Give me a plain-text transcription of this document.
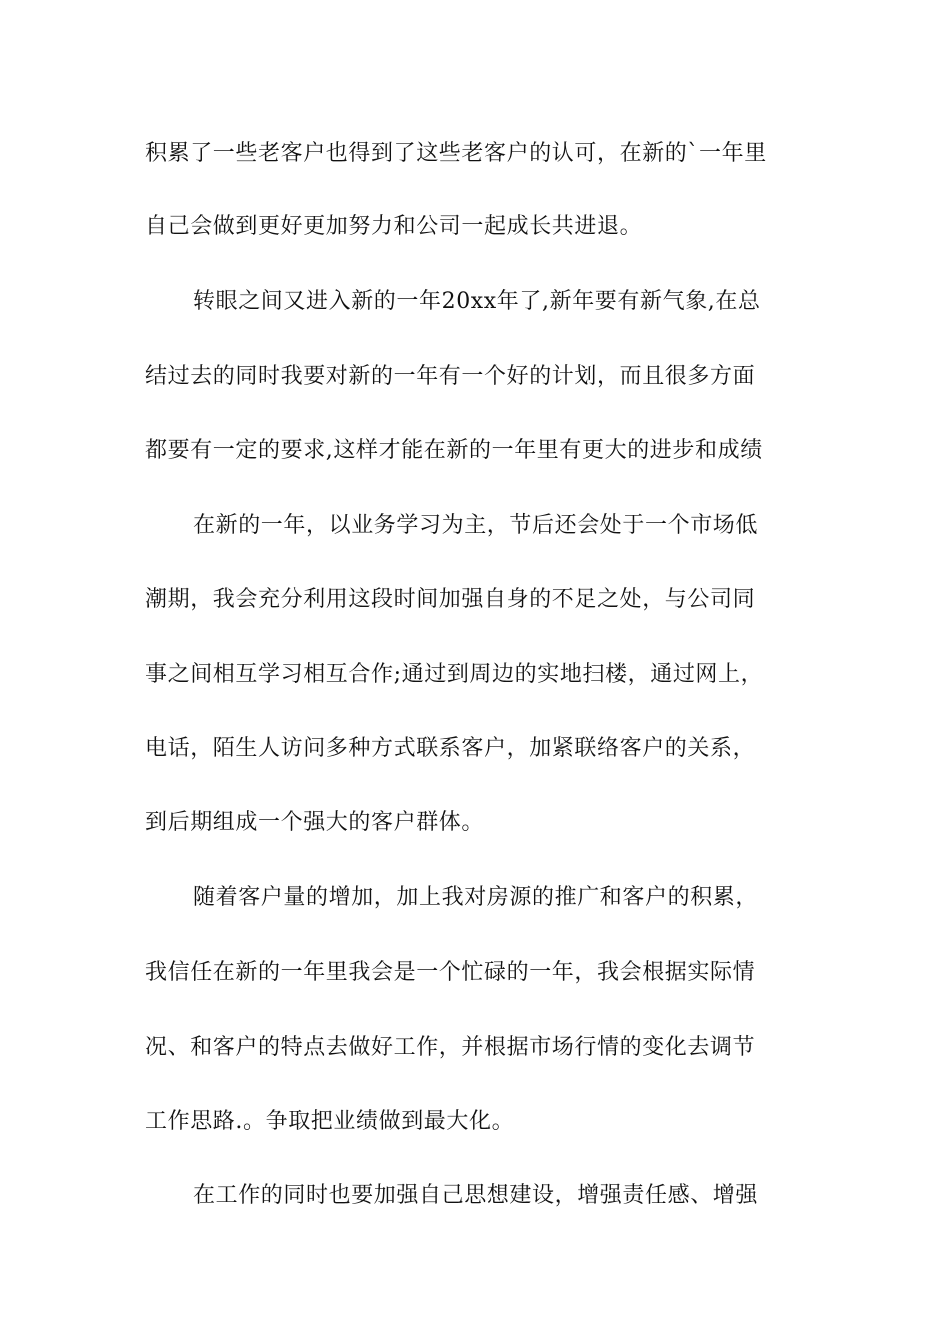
积累了一些老客户也得到了这些老客户的认可，在新的`一年里
自己会做到更好更加努力和公司一起成长共进退。
转眼之间又进入新的一年20xx年了,新年要有新气象,在总
结过去的同时我要对新的一年有一个好的计划，而且很多方面
都要有一定的要求,这样才能在新的一年里有更大的进步和成绩
在新的一年，以业务学习为主，节后还会处于一个市场低
潮期，我会充分利用这段时间加强自身的不足之处，与公司同
事之间相互学习相互合作;通过到周边的实地扫楼，通过网上，
电话，陌生人访问多种方式联系客户，加紧联络客户的关系，
到后期组成一个强大的客户群体。
随着客户量的增加，加上我对房源的推广和客户的积累，
我信任在新的一年里我会是一个忙碌的一年，我会根据实际情
况、和客户的特点去做好工作，并根据市场行情的变化去调节
工作思路.。争取把业绩做到最大化。
在工作的同时也要加强自己思想建设，增强责任感、增强
